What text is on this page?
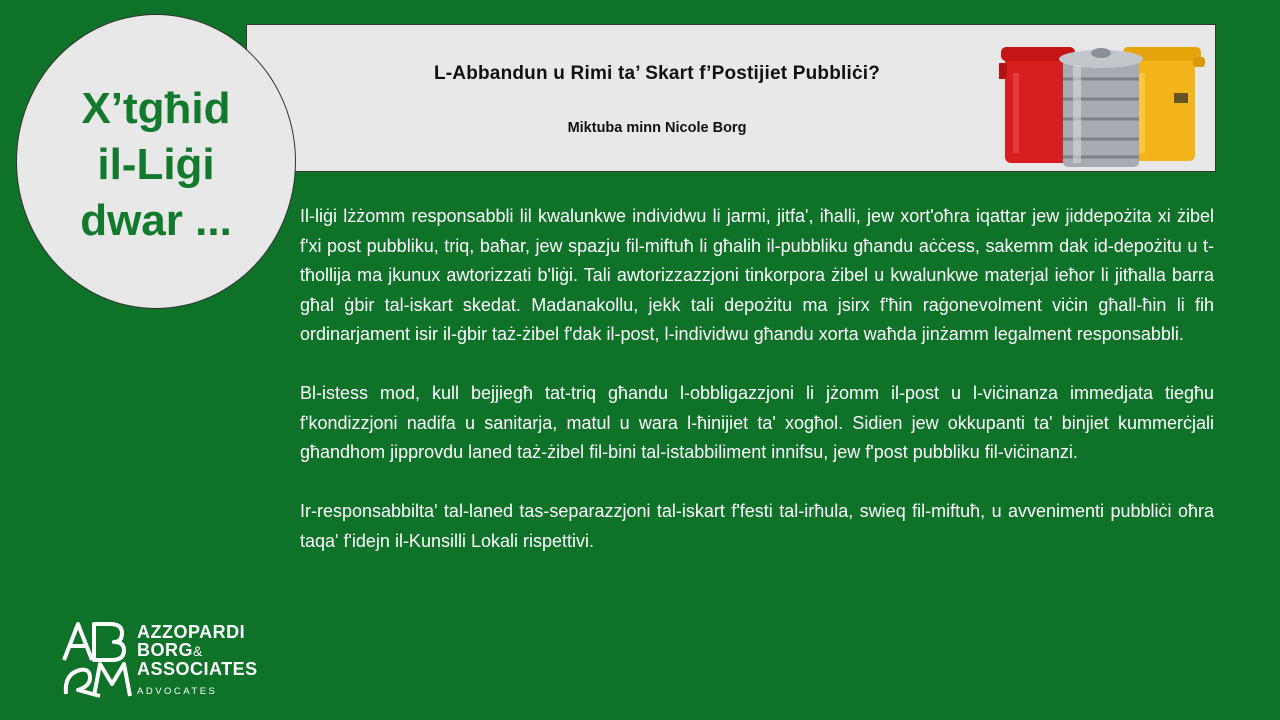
L-Abbandun u Rimi ta’ Skart f’Postijiet Pubbliċi?
Miktuba minn Nicole Borg
X’tgħid
il-Liġi
dwar ...	Il-liġi lżżomm responsabbli lil kwalunkwe individwu li jarmi, jitfa', iħalli, jew xort'oħra iqattar jew jiddepożita xi żibel f'xi post pubbliku, triq, baħar, jew spazju fil-miftuħ li għalih il-pubbliku għandu aċċess, sakemm dak id-depożitu u t-tħollija ma jkunux awtorizzati b'liġi. Tali awtorizzazzjoni tinkorpora żibel u kwalunkwe materjal ieħor li jitħalla barra għal ġbir tal-iskart skedat. Madanakollu, jekk tali depożitu ma jsirx f'ħin raġonevolment viċin għall-ħin li fih ordinarjament isir il-ġbir taż-żibel f'dak il-post, l-individwu għandu xorta waħda jinżamm legalment responsabbli.

Bl-istess mod, kull bejjiegħ tat-triq għandu l-obbligazzjoni li jżomm il-post u l-viċinanza immedjata tiegħu f'kondizzjoni nadifa u sanitarja, matul u wara l-ħinijiet ta' xogħol. Sidien jew okkupanti ta' binjiet kummerċjali għandhom jipprovdu laned taż-żibel fil-bini tal-istabbiliment innifsu, jew f'post pubbliku fil-viċinanzi.

Ir-responsabbilta' tal-laned tas-separazzjoni tal-iskart f'festi tal-irħula, swieq fil-miftuħ, u avvenimenti pubbliċi oħra taqa' f'idejn il-Kunsilli Lokali rispettivi.

AZZOPARDI
BORG&
ASSOCIATES
ADVOCATES
